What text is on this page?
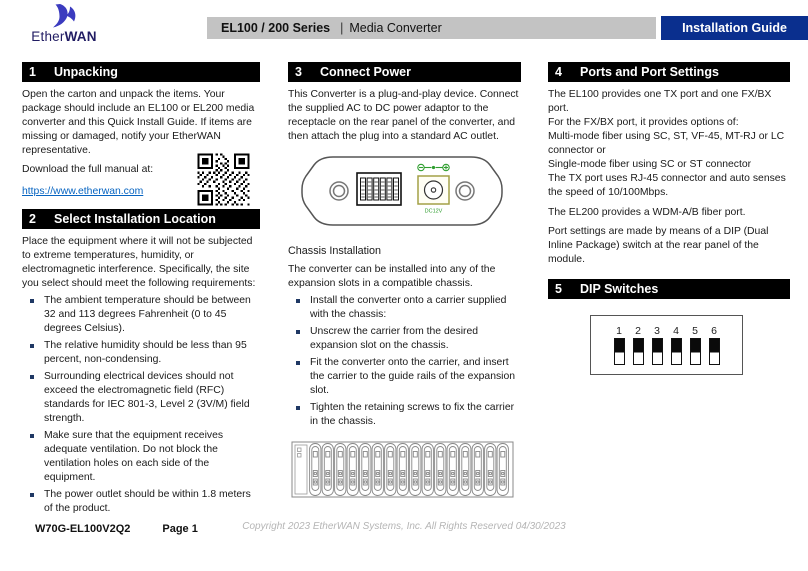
EtherWAN
EL100 / 200 Series | Media Converter	Installation Guide
1	Unpacking

Open the carton and unpack the items. Your package should include an EL100 or EL200 media converter and this Quick Install Guide. If items are missing or damaged, notify your EtherWAN representative.

Download the full manual at:

https://www.etherwan.com
2	Select Installation Location

Place the equipment where it will not be subjected to extreme temperatures, humidity, or electromagnetic interference. Specifically, the site you select should meet the following requirements:

The ambient temperature should be between 32 and 113 degrees Fahrenheit (0 to 45 degrees Celsius).
The relative humidity should be less than 95 percent, non-condensing.
Surrounding electrical devices should not exceed the electromagnetic field (RFC) standards for IEC 801-3, Level 2 (3V/M) field strength.
Make sure that the equipment receives adequate ventilation. Do not block the ventilation holes on each side of the equipment.
The power outlet should be within 1.8 meters of the product.
3	Connect Power

This Converter is a plug-and-play device. Connect the supplied AC to DC power adaptor to the receptacle on the rear panel of the converter, and then attach the plug into a standard AC outlet.

DC12V

Chassis Installation

The converter can be installed into any of the expansion slots in a compatible chassis.

Install the converter onto a carrier supplied with the chassis:
Unscrew the carrier from the desired expansion slot on the chassis.
Fit the converter onto the carrier, and insert the carrier to the guide rails of the expansion slot.
Tighten the retaining screws to fix the carrier in the chassis.
4	Ports and Port Settings
The EL100 provides one TX port and one FX/BX port.
For the FX/BX port, it provides options of:
Multi-mode fiber using SC, ST, VF-45, MT-RJ or LC connector or
Single-mode fiber using SC or ST connector
The TX port uses RJ-45 connector and auto senses the speed of 10/100Mbps.

The EL200 provides a WDM-A/B fiber port.

Port settings are made by means of a DIP (Dual Inline Package) switch at the rear panel of the module.

5	DIP Switches
1	2	3	4	5	6
Copyright 2023 EtherWAN Systems, Inc. All Rights Reserved 04/30/2023
W70G-EL100V2Q2	Page 1
